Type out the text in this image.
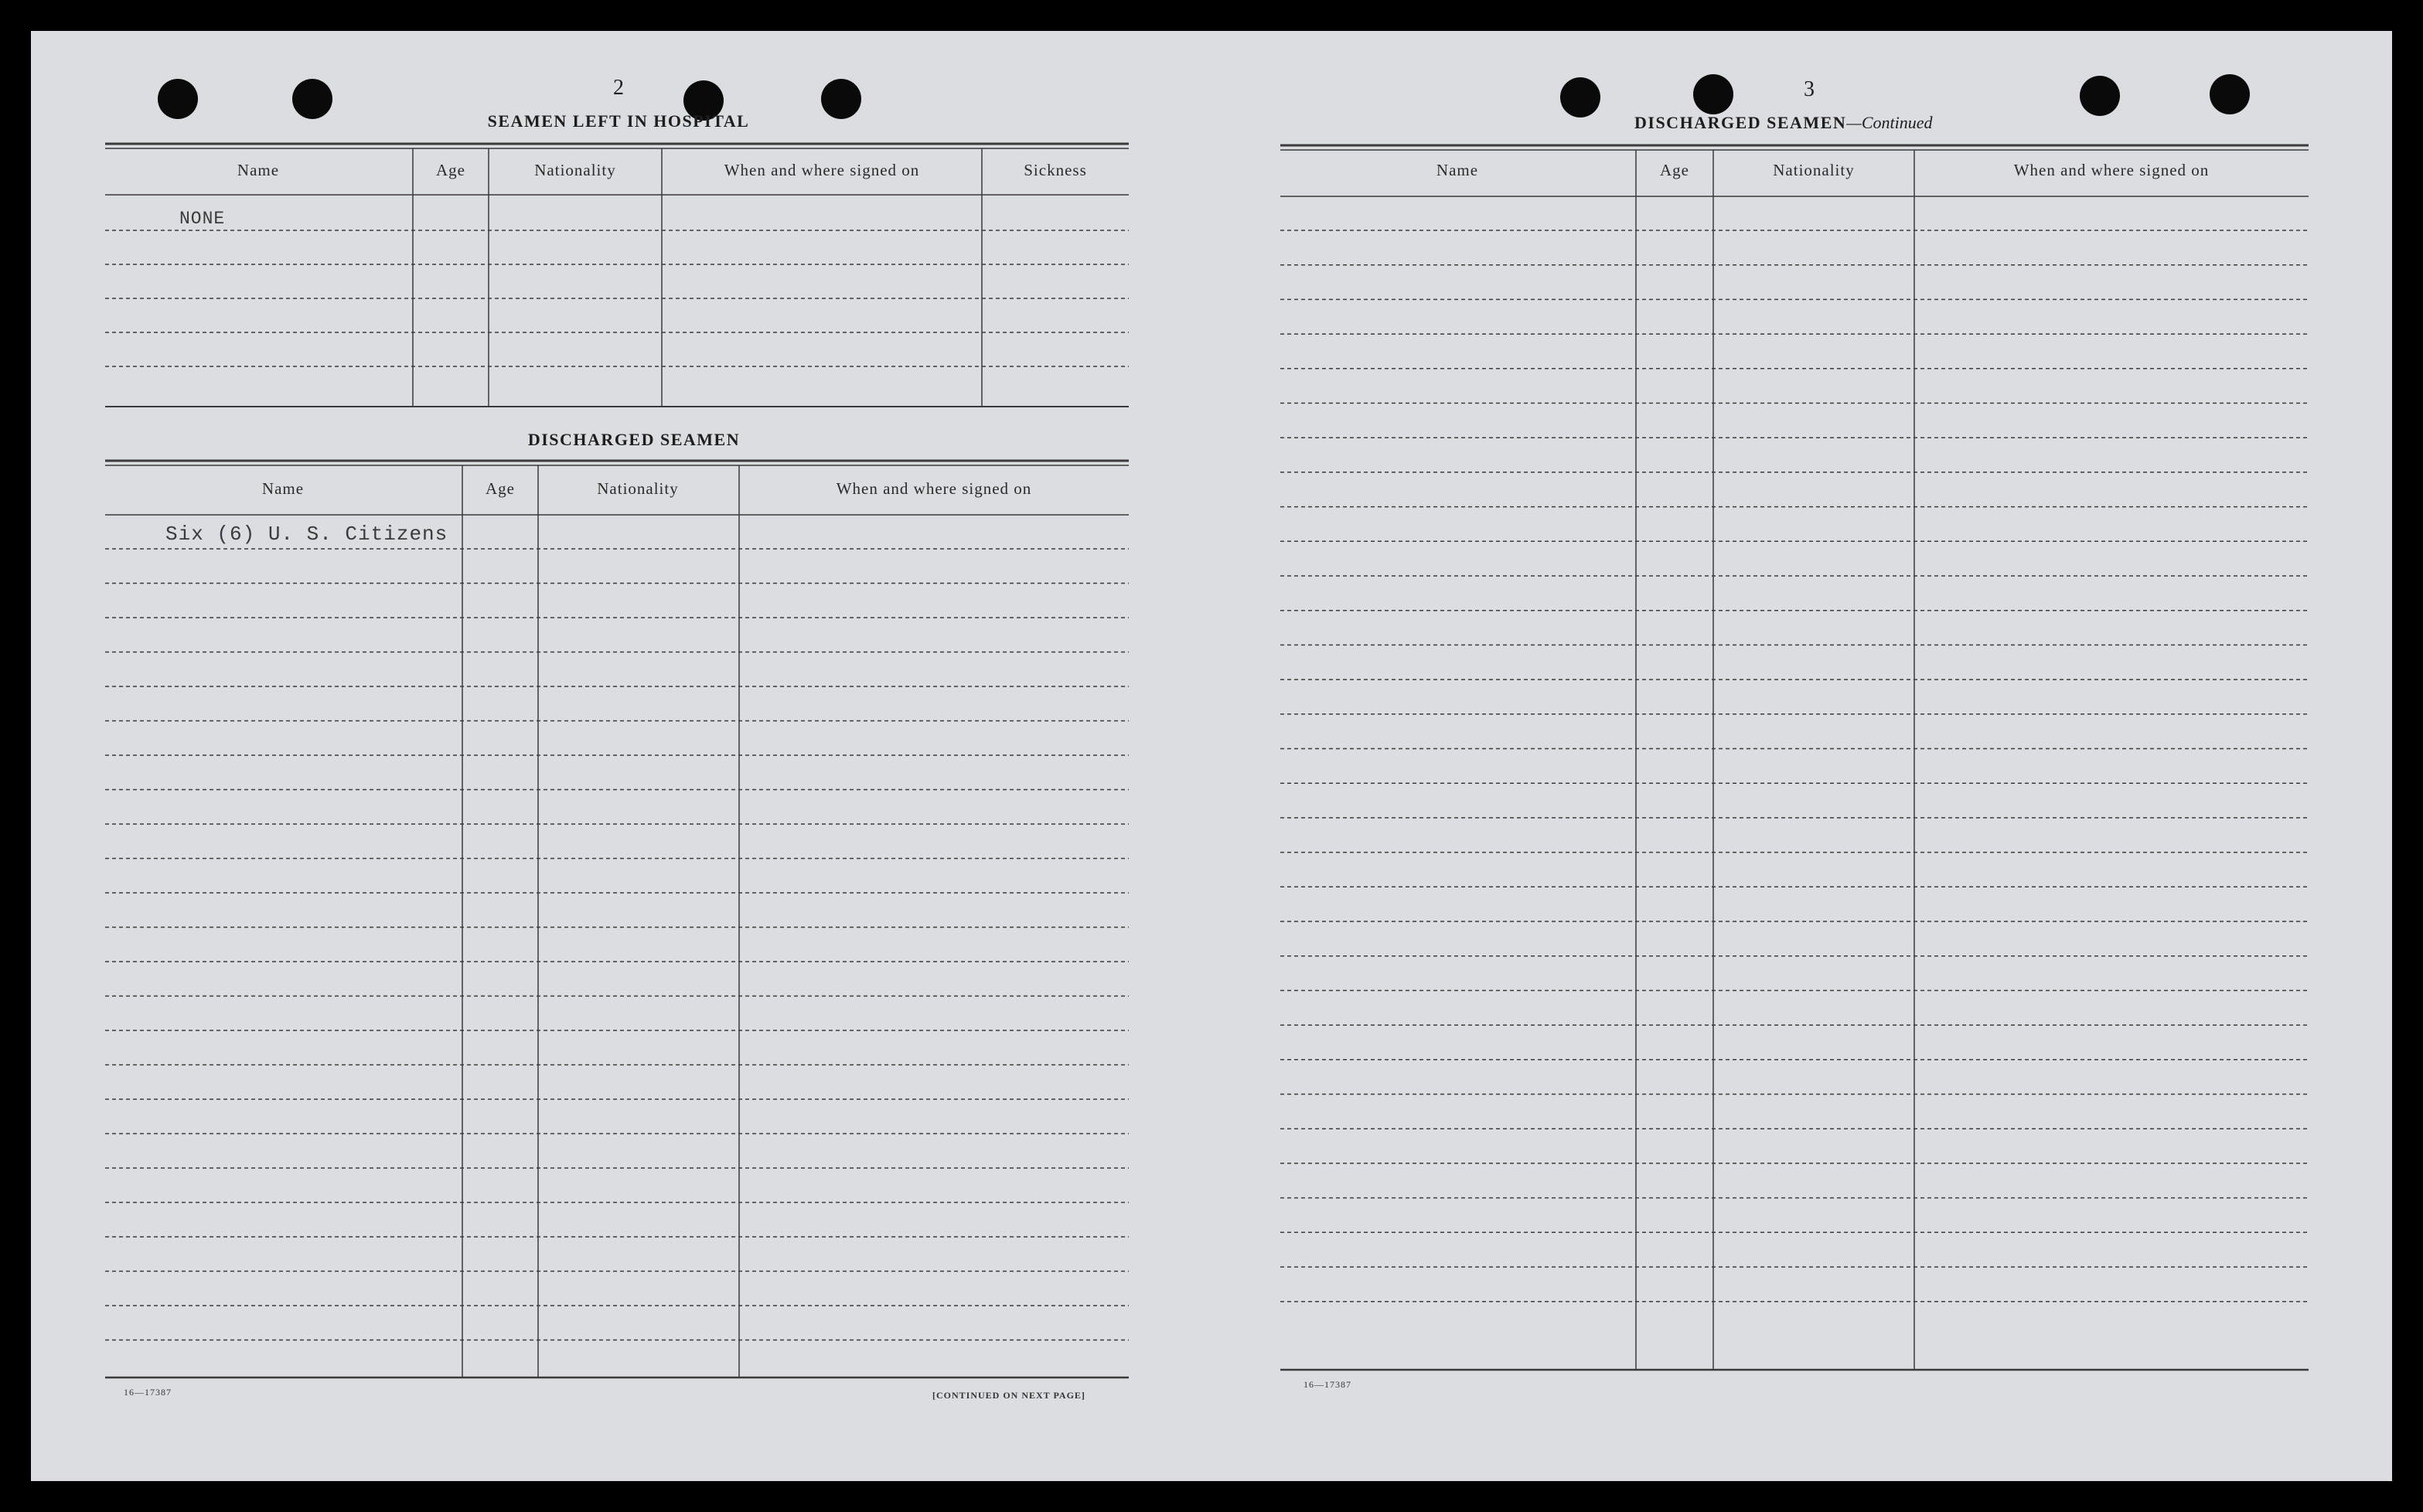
2
SEAMEN LEFT IN HOSPITAL
Name	Age	Nationality	When and where signed on	Sickness
NONE
DISCHARGED SEAMEN
Name	Age	Nationality	When and where signed on
Six (6) U. S. Citizens
16—17387	[CONTINUED ON NEXT PAGE]
3
DISCHARGED SEAMEN—Continued
Name	Age	Nationality	When and where signed on
16—17387
